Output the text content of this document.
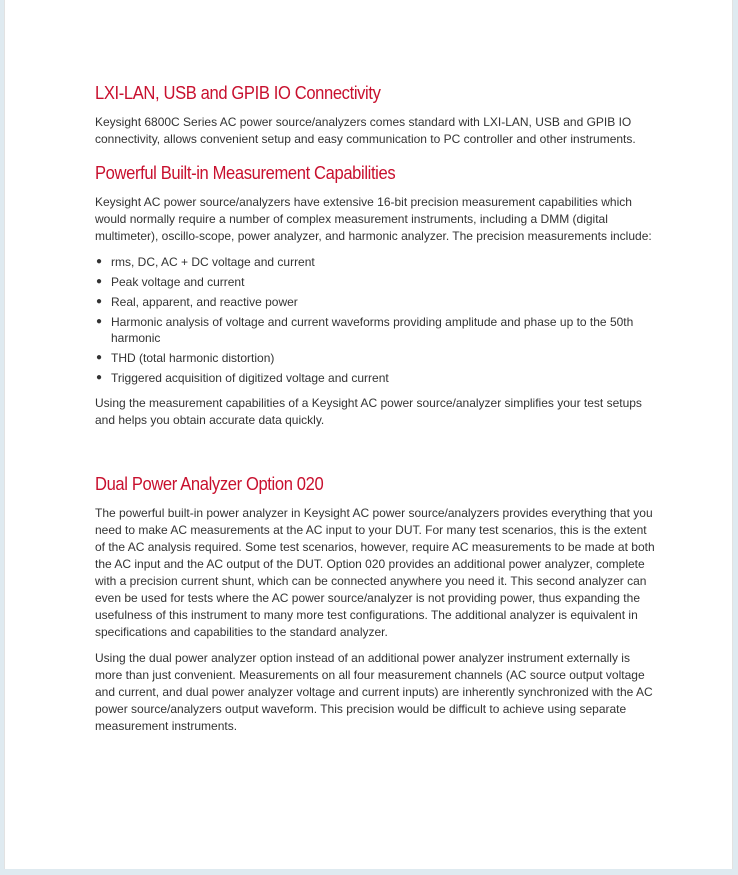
LXI-LAN, USB and GPIB IO Connectivity

Keysight 6800C Series AC power source/analyzers comes standard with LXI-LAN, USB and GPIB IO connectivity, allows convenient setup and easy communication to PC controller and other instruments.

Powerful Built-in Measurement Capabilities

Keysight AC power source/analyzers have extensive 16-bit precision measurement capabilities which would normally require a number of complex measurement instruments, including a DMM (digital multimeter), oscillo-scope, power analyzer, and harmonic analyzer. The precision measurements include:

● rms, DC, AC + DC voltage and current
● Peak voltage and current
● Real, apparent, and reactive power
● Harmonic analysis of voltage and current waveforms providing amplitude and phase up to the 50th harmonic
● THD (total harmonic distortion)
● Triggered acquisition of digitized voltage and current

Using the measurement capabilities of a Keysight AC power source/analyzer simplifies your test setups and helps you obtain accurate data quickly.

Dual Power Analyzer Option 020

The powerful built-in power analyzer in Keysight AC power source/analyzers provides everything that you need to make AC measurements at the AC input to your DUT. For many test scenarios, this is the extent of the AC analysis required. Some test scenarios, however, require AC measurements to be made at both the AC input and the AC output of the DUT. Option 020 provides an additional power analyzer, complete with a precision current shunt, which can be connected anywhere you need it. This second analyzer can even be used for tests where the AC power source/analyzer is not providing power, thus expanding the usefulness of this instrument to many more test configurations. The additional analyzer is equivalent in specifications and capabilities to the standard analyzer.

Using the dual power analyzer option instead of an additional power analyzer instrument externally is more than just convenient. Measurements on all four measurement channels (AC source output voltage and current, and dual power analyzer voltage and current inputs) are inherently synchronized with the AC power source/analyzers output waveform. This precision would be difficult to achieve using separate measurement instruments.
